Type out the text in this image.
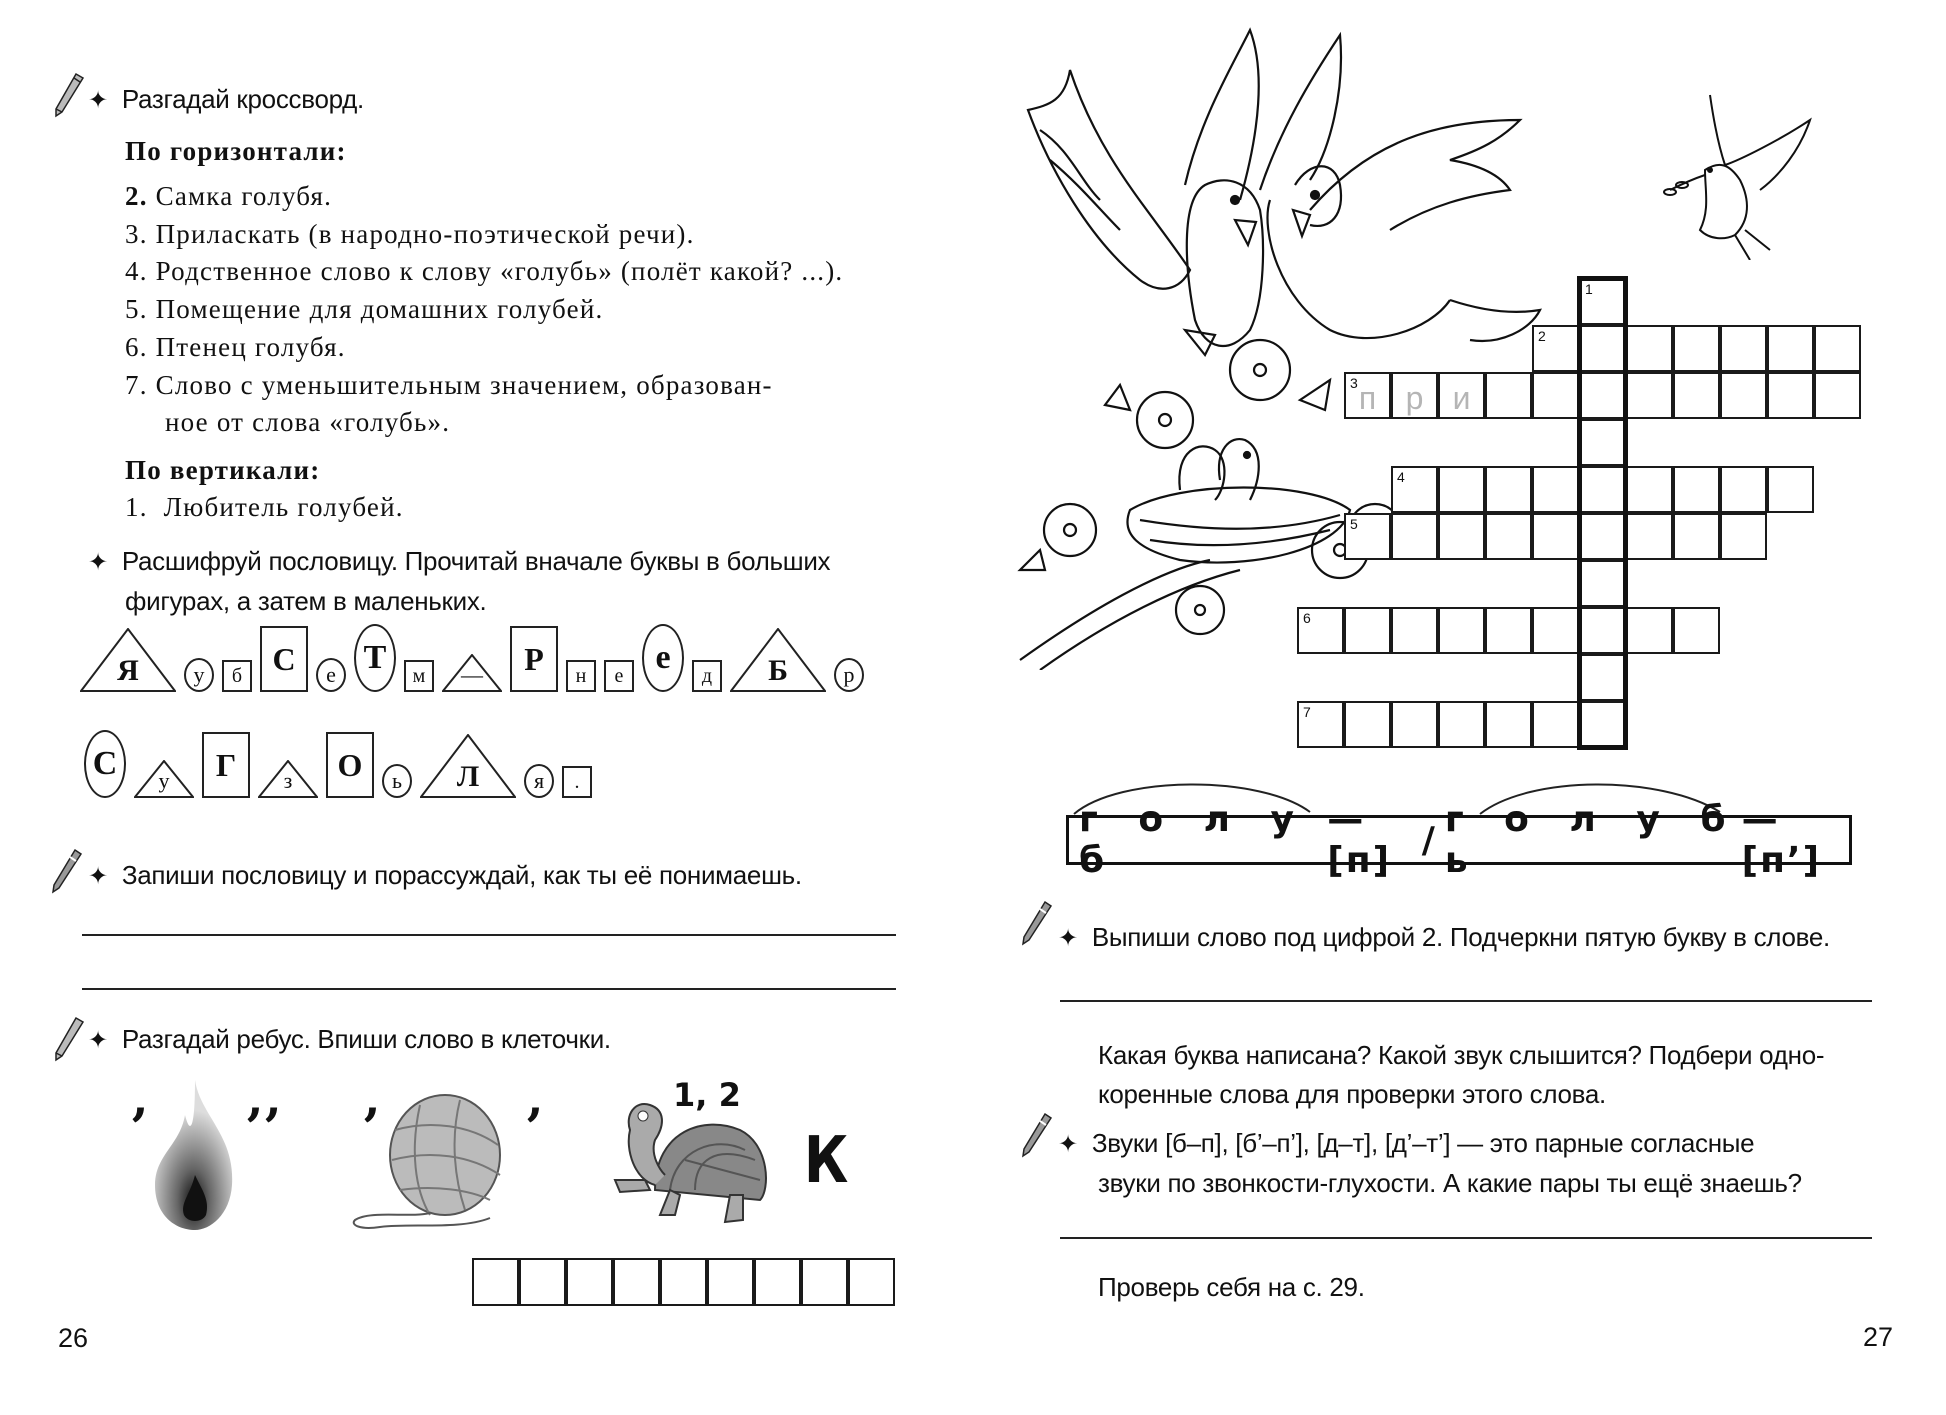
✦ Разгадай кроссворд.
По горизонтали:
2. Самка голубя.
3. Приласкать (в народно-поэтической речи).
4. Родственное слово к слову «голубь» (полёт какой? ...).
5. Помещение для домашних голубей.
6. Птенец голубя.
7. Слово с уменьшительным значением, образован-
ное от слова «голубь».
По вертикали:
1. Любитель голубей.
✦ Расшифруй пословицу. Прочитай вначале буквы в больших
фигурах, а затем в маленьких.
Я у б С е Т м — Р н е е д Б	р
С у Г з О ь Л я .
✦ Запиши пословицу и порассуждай, как ты её понимаешь.
✦ Разгадай ребус. Впиши слово в клеточки.
’ ’’ ’	’
1, 2
К
26
1
2
3 п р и
4
5
6
7
г о л у б
—[п] / г о л у б ь
—[п’]
✦ Выпиши слово под цифрой 2. Подчеркни пятую букву в слове.
Какая буква написана? Какой звук слышится? Подбери одно-
коренные слова для проверки этого слова.
✦ Звуки [б–п], [б’–п’], [д–т], [д’–т’] — это парные согласные
звуки по звонкости-глухости. А какие пары ты ещё знаешь?
Проверь себя на с. 29.
27
